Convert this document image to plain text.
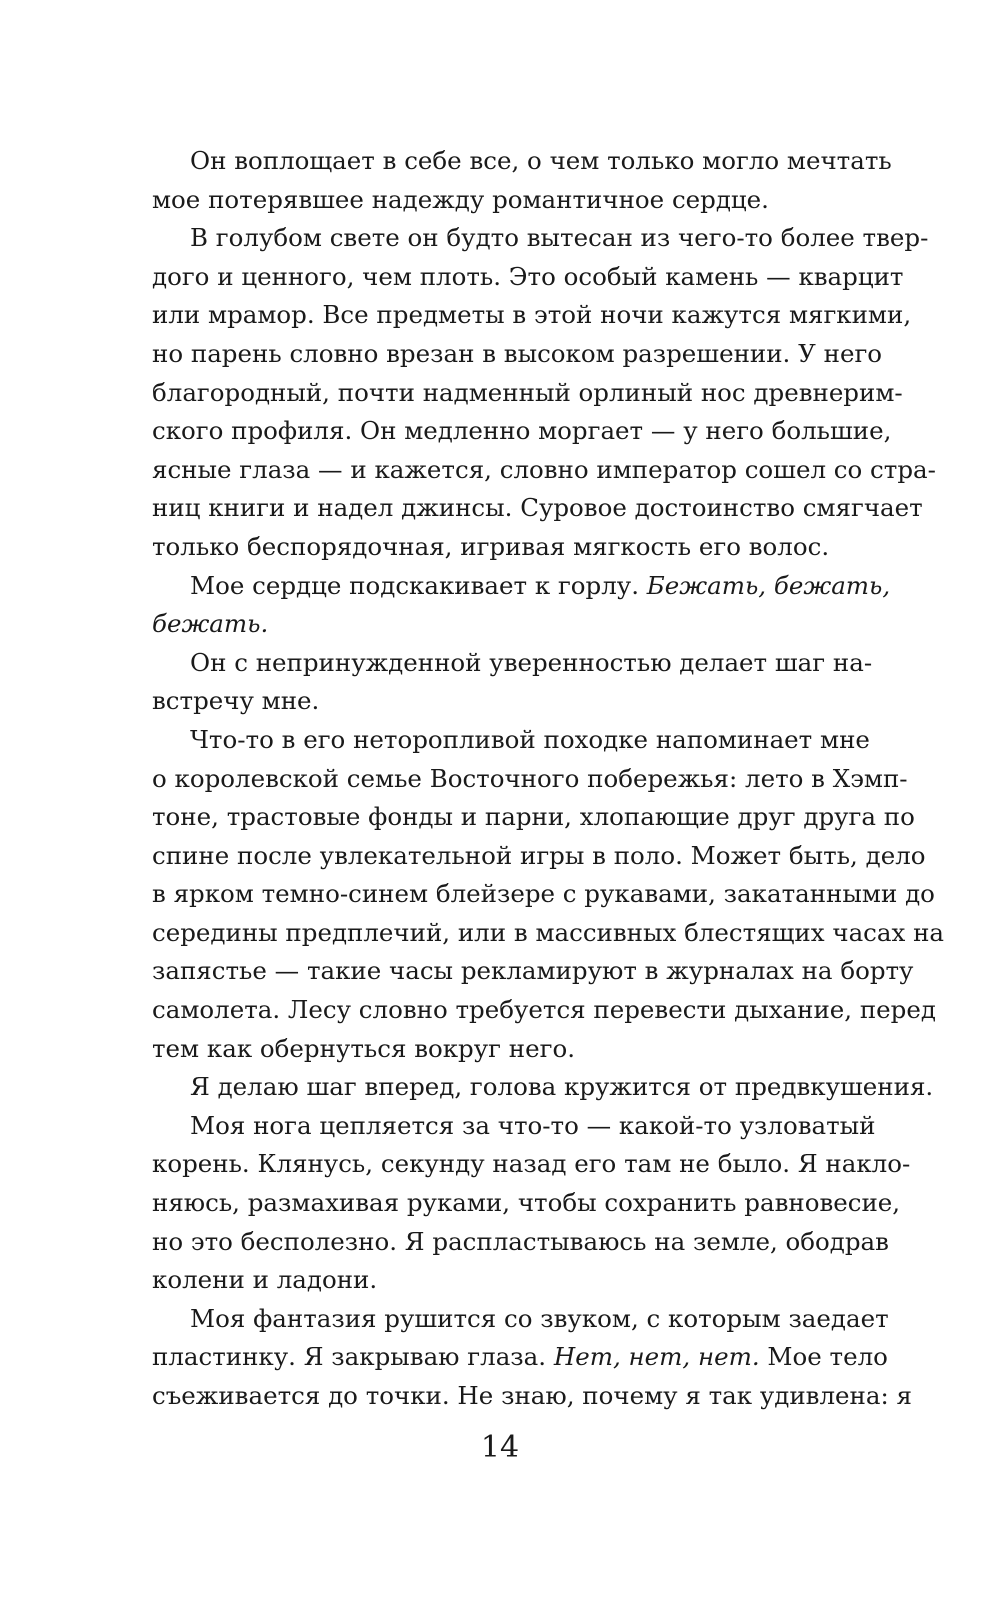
Он воплощает в себе все, о чем только могло мечтать
мое потерявшее надежду романтичное сердце.
В голубом свете он будто вытесан из чего-то более твер-
дого и ценного, чем плоть. Это особый камень — кварцит
или мрамор. Все предметы в этой ночи кажутся мягкими,
но парень словно врезан в высоком разрешении. У него
благородный, почти надменный орлиный нос древнерим-
ского профиля. Он медленно моргает — у него большие,
ясные глаза — и кажется, словно император сошел со стра-
ниц книги и надел джинсы. Суровое достоинство смягчает
только беспорядочная, игривая мягкость его волос.
Мое сердце подскакивает к горлу. Бежать, бежать,
бежать.
Он с непринужденной уверенностью делает шаг на-
встречу мне.
Что-то в его неторопливой походке напоминает мне
о королевской семье Восточного побережья: лето в Хэмп-
тоне, трастовые фонды и парни, хлопающие друг друга по
спине после увлекательной игры в поло. Может быть, дело
в ярком темно-синем блейзере с рукавами, закатанными до
середины предплечий, или в массивных блестящих часах на
запястье — такие часы рекламируют в журналах на борту
самолета. Лесу словно требуется перевести дыхание, перед
тем как обернуться вокруг него.
Я делаю шаг вперед, голова кружится от предвкушения.
Моя нога цепляется за что-то — какой-то узловатый
корень. Клянусь, секунду назад его там не было. Я накло-
няюсь, размахивая руками, чтобы сохранить равновесие,
но это бесполезно. Я распластываюсь на земле, ободрав
колени и ладони.
Моя фантазия рушится со звуком, с которым заедает
пластинку. Я закрываю глаза. Нет, нет, нет. Мое тело
съеживается до точки. Не знаю, почему я так удивлена: я
14
